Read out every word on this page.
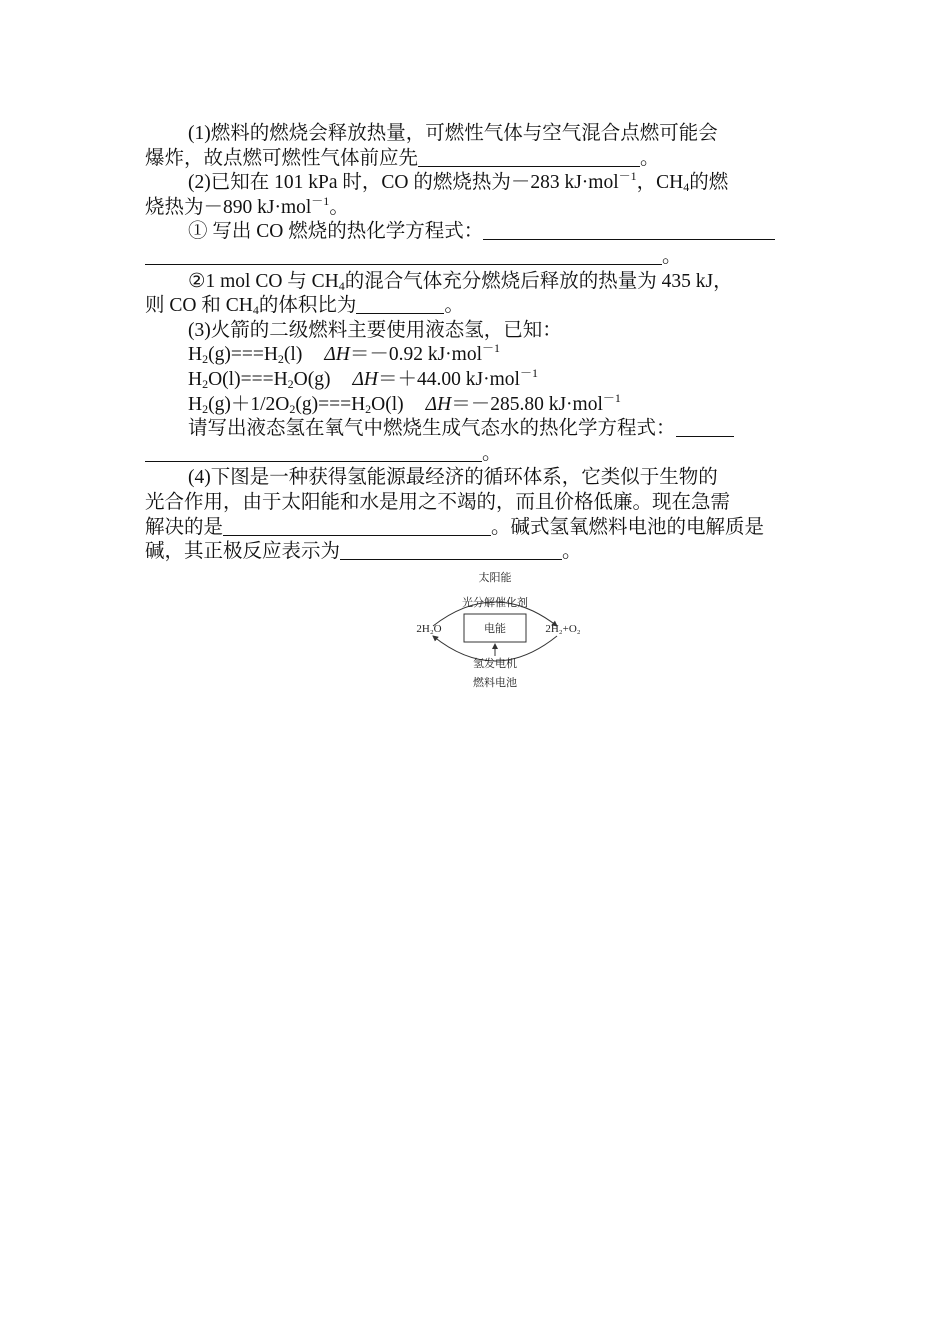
(1)燃料的燃烧会释放热量，可燃性气体与空气混合点燃可能会
爆炸，故点燃可燃性气体前应先	。
(2)已知在 101 kPa 时，CO 的燃烧热为－283 kJ·mol$^{-1}$，$CH_4$的燃
烧热为－890 kJ·mol$^{-1}$。
① 写出 CO 燃烧的热化学方程式：
。
②1 mol CO 与 $CH_4$的混合气体充分燃烧后释放的热量为 435 kJ，
则 CO 和 $CH_4$的体积比为	。
(3)火箭的二级燃料主要使用液态氢，已知：
$H_2(g)===H_2(l)$ ΔH＝－0.92 kJ·mol$^{-1}$
$H_2O(l)===H_2O(g)$ ΔH＝＋44.00 kJ·mol$^{-1}$
$H_2(g)+1/2O_2(g)===H_2O(l)$ ΔH＝－285.80 kJ·mol$^{-1}$
请写出液态氢在氧气中燃烧生成气态水的热化学方程式：
。
(4)下图是一种获得氢能源最经济的循环体系，它类似于生物的
光合作用，由于太阳能和水是用之不竭的，而且价格低廉。现在急需
解决的是	。碱式氢氧燃料电池的电解质是
碱，其正极反应表示为	。
太阳能
光分解催化剂
2H₂O	2H₂+O₂
电能
氢发电机
燃料电池
